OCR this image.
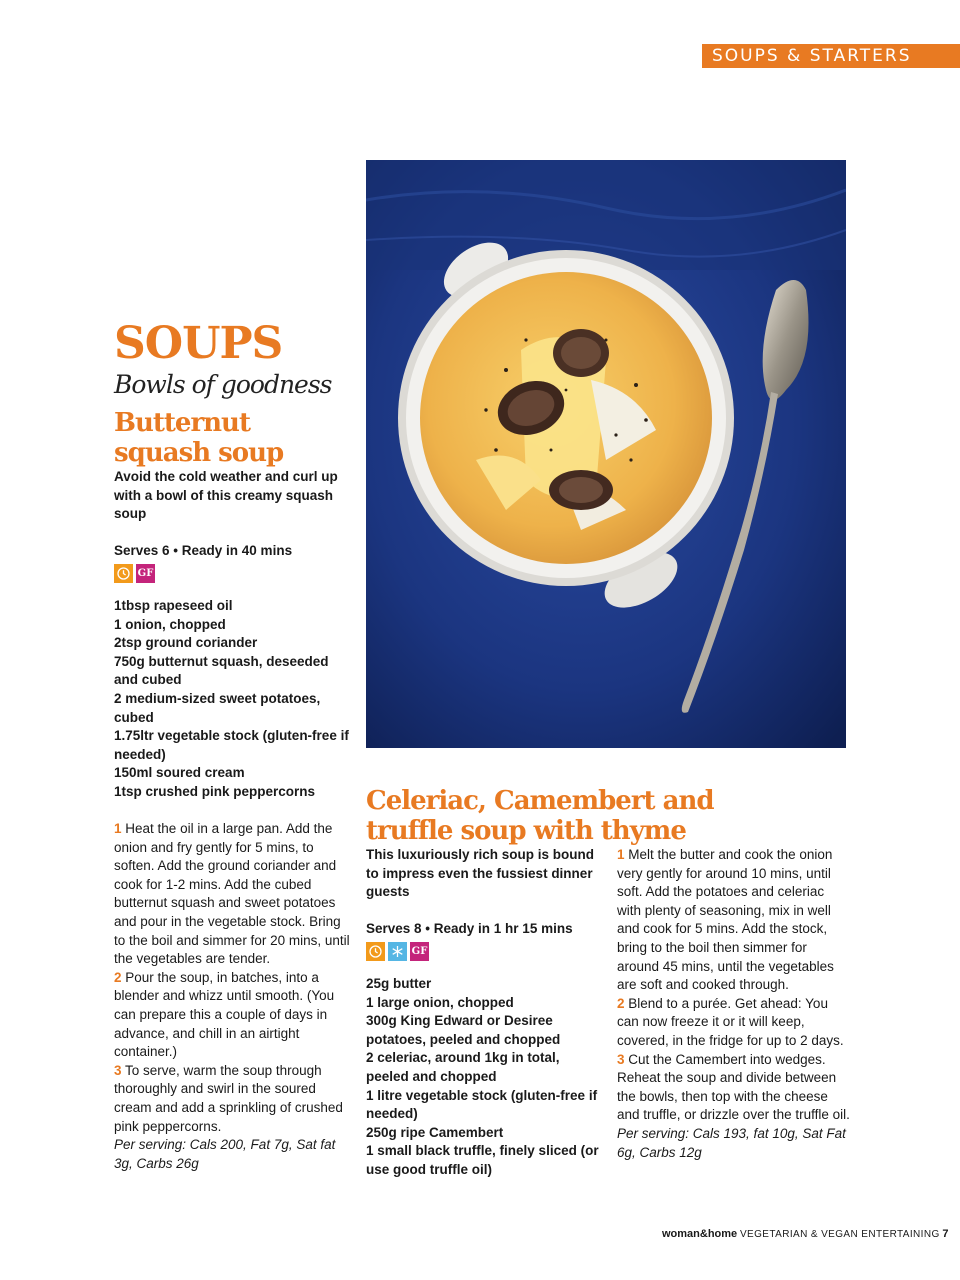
SOUPS & STARTERS
SOUPS
Bowls of goodness
Butternut squash soup

Avoid the cold weather and curl up with a bowl of this creamy squash soup

Serves 6 • Ready in 40 mins

GF

1tbsp rapeseed oil

1 onion, chopped

2tsp ground coriander

750g butternut squash, deseeded and cubed

2 medium-sized sweet potatoes, cubed

1.75ltr vegetable stock (gluten-free if needed)

150ml soured cream

1tsp crushed pink peppercorns

1 Heat the oil in a large pan. Add the onion and fry gently for 5 mins, to soften. Add the ground coriander and cook for 1-2 mins. Add the cubed butternut squash and sweet potatoes and pour in the vegetable stock. Bring to the boil and simmer for 20 mins, until the vegetables are tender.

2 Pour the soup, in batches, into a blender and whizz until smooth. (You can prepare this a couple of days in advance, and chill in an airtight container.)

3 To serve, warm the soup through thoroughly and swirl in the soured cream and add a sprinkling of crushed pink peppercorns.

Per serving: Cals 200, Fat 7g, Sat fat 3g, Carbs 26g

Celeriac, Camembert and truffle soup with thyme

This luxuriously rich soup is bound to impress even the fussiest dinner guests

Serves 8 • Ready in 1 hr 15 mins

GF

25g butter

1 large onion, chopped

300g King Edward or Desiree potatoes, peeled and chopped

2 celeriac, around 1kg in total, peeled and chopped

1 litre vegetable stock (gluten-free if needed)

250g ripe Camembert

1 small black truffle, finely sliced (or use good truffle oil)

1 Melt the butter and cook the onion very gently for around 10 mins, until soft. Add the potatoes and celeriac with plenty of seasoning, mix in well and cook for 5 mins. Add the stock, bring to the boil then simmer for around 45 mins, until the vegetables are soft and cooked through.

2 Blend to a purée. Get ahead: You can now freeze it or it will keep, covered, in the fridge for up to 2 days.

3 Cut the Camembert into wedges. Reheat the soup and divide between the bowls, then top with the cheese and truffle, or drizzle over the truffle oil.

Per serving: Cals 193, fat 10g, Sat Fat 6g, Carbs 12g

woman&home VEGETARIAN & VEGAN ENTERTAINING 7
